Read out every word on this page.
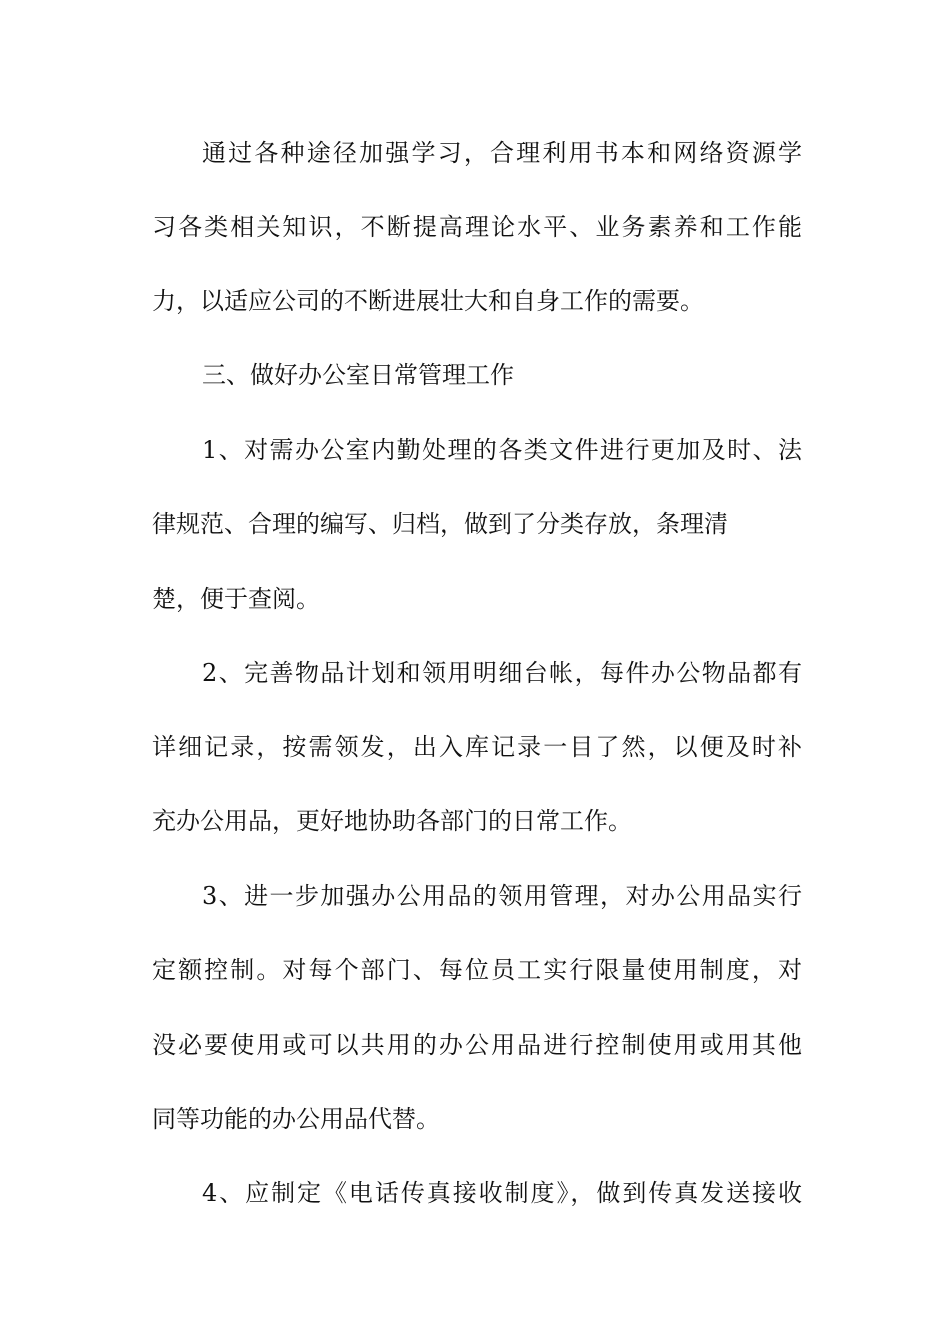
通过各种途径加强学习，合理利用书本和网络资源学

习各类相关知识，不断提高理论水平、业务素养和工作能

力，以适应公司的不断进展壮大和自身工作的需要。

三、做好办公室日常管理工作

1、对需办公室内勤处理的各类文件进行更加及时、法

律规范、合理的编写、归档，做到了分类存放，条理清

楚，便于查阅。

2、完善物品计划和领用明细台帐，每件办公物品都有

详细记录，按需领发，出入库记录一目了然，以便及时补

充办公用品，更好地协助各部门的日常工作。

3、进一步加强办公用品的领用管理，对办公用品实行

定额控制。对每个部门、每位员工实行限量使用制度，对

没必要使用或可以共用的办公用品进行控制使用或用其他

同等功能的办公用品代替。

4、应制定《电话传真接收制度》，做到传真发送接收
